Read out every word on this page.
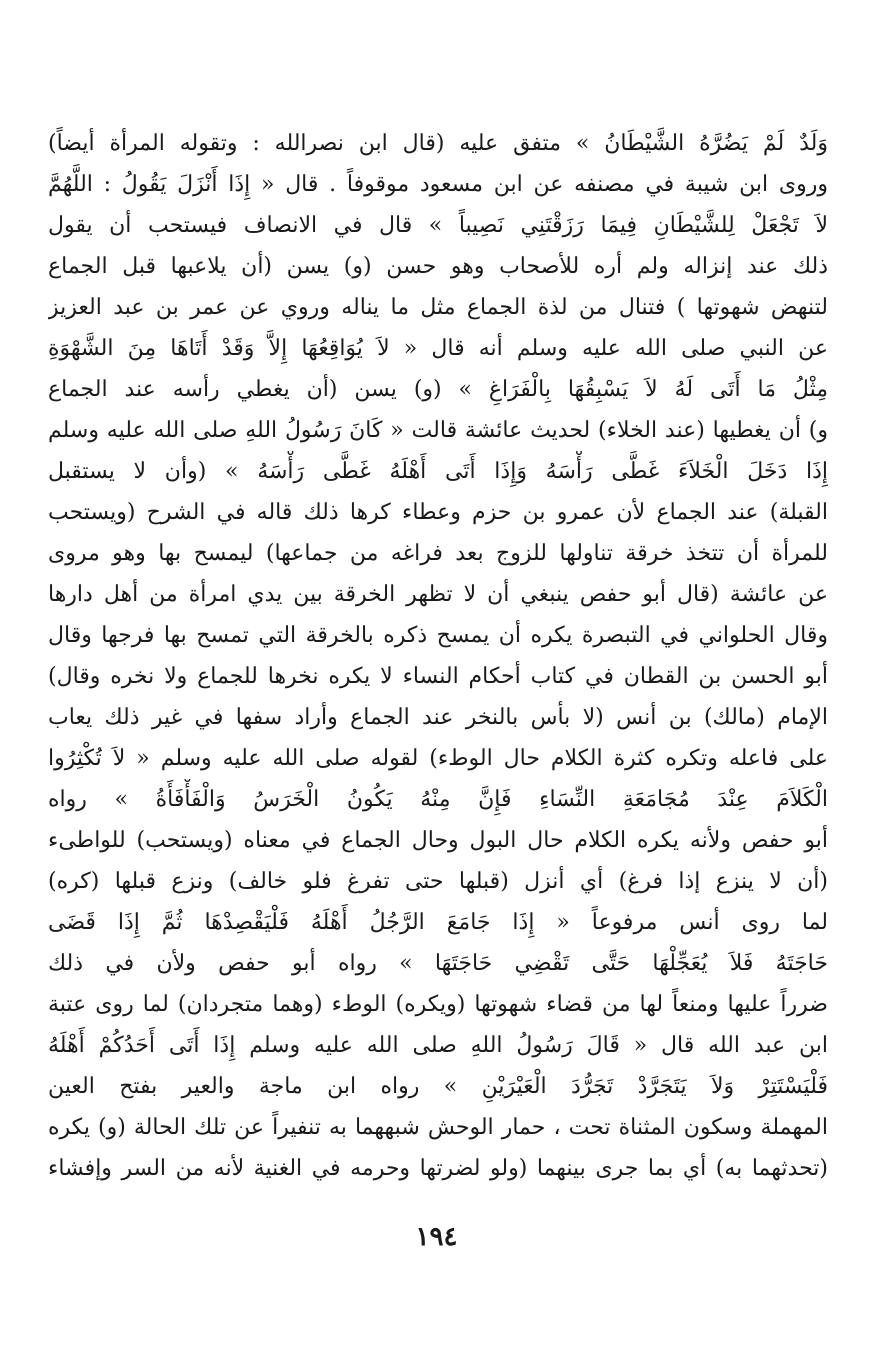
وَلَدٌ لَمْ يَضُرَّهُ الشَّيْطَانُ » متفق عليه (قال ابن نصرالله : وتقوله المرأة أيضاً)
وروى ابن شيبة في مصنفه عن ابن مسعود موقوفاً . قال « إِذَا أَنْزَلَ يَقُولُ : اللَّهُمَّ
لاَ تَجْعَلْ لِلشَّيْطَانِ فِيمَا رَزَقْتَنِي نَصِيباً » قال في الانصاف فيستحب أن يقول
ذلك عند إنزاله ولم أره للأصحاب وهو حسن (و) يسن (أن يلاعبها قبل الجماع
لتنهض شهوتها ) فتنال من لذة الجماع مثل ما يناله وروي عن عمر بن عبد العزيز
عن النبي صلى الله عليه وسلم أنه قال « لاَ يُوَاقِعُهَا إِلاَّ وَقَدْ أَتَاهَا مِنَ الشَّهْوَةِ
مِثْلُ مَا أَتَى لَهُ لاَ يَسْبِقُهَا بِالْفَرَاغِ » (و) يسن (أن يغطي رأسه عند الجماع
و) أن يغطيها (عند الخلاء) لحديث عائشة قالت « كَانَ رَسُولُ اللهِ صلى الله عليه وسلم
إِذَا دَخَلَ الْخَلاَءَ غَطَّى رَأْسَهُ وَإِذَا أَتَى أَهْلَهُ غَطَّى رَأْسَهُ » (وأن لا يستقبل
القبلة) عند الجماع لأن عمرو بن حزم وعطاء كرها ذلك قاله في الشرح (ويستحب
للمرأة أن تتخذ خرقة تناولها للزوج بعد فراغه من جماعها) ليمسح بها وهو مروى
عن عائشة (قال أبو حفص ينبغي أن لا تظهر الخرقة بين يدي امرأة من أهل دارها
وقال الحلواني في التبصرة يكره أن يمسح ذكره بالخرقة التي تمسح بها فرجها وقال
أبو الحسن بن القطان في كتاب أحكام النساء لا يكره نخرها للجماع ولا نخره وقال)
الإمام (مالك) بن أنس (لا بأس بالنخر عند الجماع وأراد سفها في غير ذلك يعاب
على فاعله وتكره كثرة الكلام حال الوطء) لقوله صلى الله عليه وسلم « لاَ تُكْثِرُوا
الْكَلاَمَ عِنْدَ مُجَامَعَةِ النِّسَاءِ فَإِنَّ مِنْهُ يَكُونُ الْخَرَسُ وَالْفَأْفَأَةُ » رواه
أبو حفص ولأنه يكره الكلام حال البول وحال الجماع في معناه (ويستحب) للواطىء
(أن لا ينزع إذا فرغ) أي أنزل (قبلها حتى تفرغ فلو خالف) ونزع قبلها (كره)
لما روى أنس مرفوعاً « إِذَا جَامَعَ الرَّجُلُ أَهْلَهُ فَلْيَقْصِدْهَا ثُمَّ إِذَا قَضَى
حَاجَتَهُ فَلاَ يُعَجِّلْهَا حَتَّى تَقْضِي حَاجَتَهَا » رواه أبو حفص ولأن في ذلك
ضرراً عليها ومنعاً لها من قضاء شهوتها (ويكره) الوطء (وهما متجردان) لما روى عتبة
ابن عبد الله قال « قَالَ رَسُولُ اللهِ صلى الله عليه وسلم إِذَا أَتَى أَحَدُكُمْ أَهْلَهُ
فَلْيَسْتَتِرْ وَلاَ يَتَجَرَّدْ تَجَرُّدَ الْعَيْرَيْنِ » رواه ابن ماجة والعير بفتح العين
المهملة وسكون المثناة تحت ، حمار الوحش شبههما به تنفيراً عن تلك الحالة (و) يكره
(تحدثهما به) أي بما جرى بينهما (ولو لضرتها وحرمه في الغنية لأنه من السر وإفشاء
١٩٤
